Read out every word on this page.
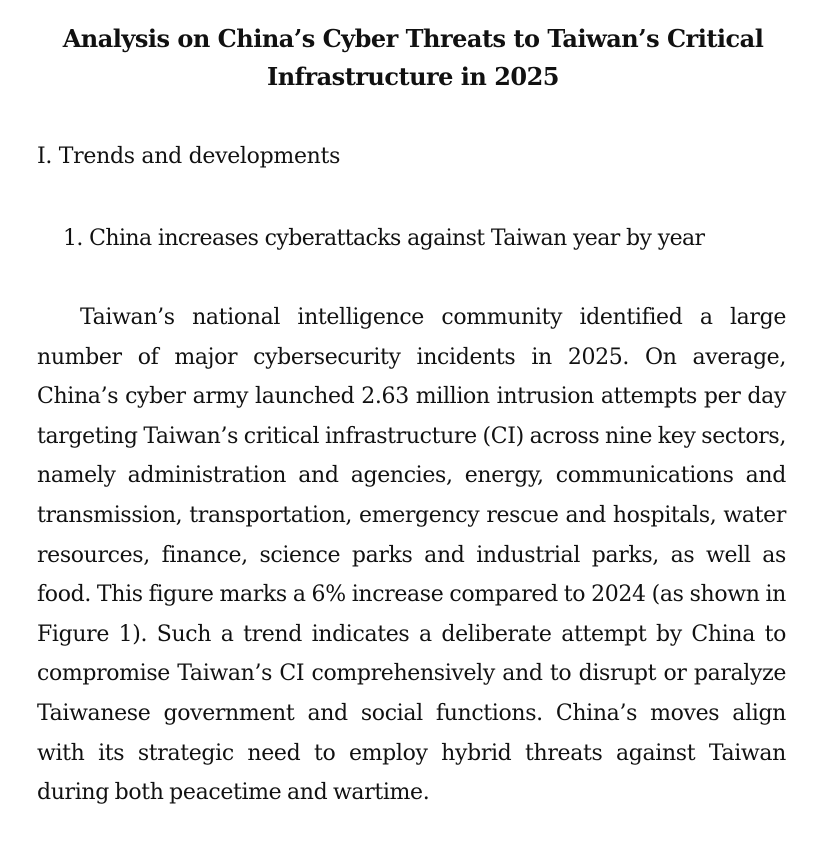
Analysis on China’s Cyber Threats to Taiwan’s Critical Infrastructure in 2025
I. Trends and developments
1. China increases cyberattacks against Taiwan year by year

Taiwan’s national intelligence community identified a large number of major cybersecurity incidents in 2025. On average, China’s cyber army launched 2.63 million intrusion attempts per day targeting Taiwan’s critical infrastructure (CI) across nine key sectors, namely administration and agencies, energy, communications and transmission, transportation, emergency rescue and hospitals, water resources, finance, science parks and industrial parks, as well as food. This figure marks a 6% increase compared to 2024 (as shown in Figure 1). Such a trend indicates a deliberate attempt by China to compromise Taiwan’s CI comprehensively and to disrupt or paralyze Taiwanese government and social functions. China’s moves align with its strategic need to employ hybrid threats against Taiwan during both peacetime and wartime.
